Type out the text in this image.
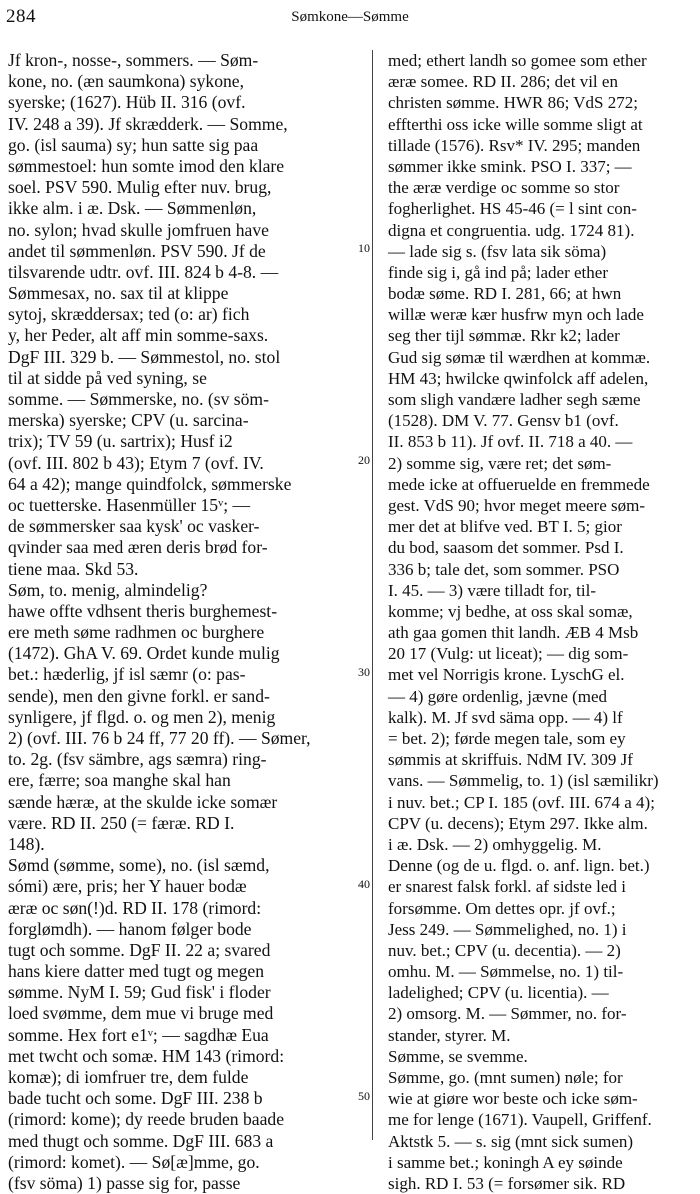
284	Sømkone—Sømme
Jf kron-, nosse-, sommers. — Søm-
kone, no. (æn saumkona) sykone,
syerske; (1627). Hüb II. 316 (ovf.
IV. 248 a 39). Jf skrædderk. — Somme,
go. (isl sauma) sy; hun satte sig paa
sømmestoel: hun somte imod den klare
soel. PSV 590. Mulig efter nuv. brug,
ikke alm. i æ. Dsk. — Sømmenløn,
no. sylon; hvad skulle jomfruen have
andet til sømmenløn. PSV 590. Jf de
tilsvarende udtr. ovf. III. 824 b 4-8. —
Sømmesax, no. sax til at klippe
sytoj, skræddersax; ted (o: ar) fich
y, her Peder, alt aff min somme-saxs.
DgF III. 329 b. — Sømmestol, no. stol
til at sidde på ved syning, se
somme. — Sømmerske, no. (sv söm-
merska) syerske; CPV (u. sarcina-
trix); TV 59 (u. sartrix); Husf i2
(ovf. III. 802 b 43); Etym 7 (ovf. IV.
64 a 42); mange quindfolck, sømmerske
oc tuetterske. Hasenmüller 15ᵛ; —
de sømmersker saa kysk' oc vasker-
qvinder saa med æren deris brød for-
tiene maa. Skd 53.
Søm, to. menig, almindelig?
hawe offte vdhsent theris burghemest-
ere meth søme radhmen oc burghere
(1472). GhA V. 69. Ordet kunde mulig
bet.: hæderlig, jf isl sæmr (o: pas-
sende), men den givne forkl. er sand-
synligere, jf flgd. o. og men 2), menig
2) (ovf. III. 76 b 24 ff, 77 20 ff). — Sømer,
to. 2g. (fsv sämbre, ags sæmra) ring-
ere, færre; soa manghe skal han
sænde hæræ, at the skulde icke somær
være. RD II. 250 (= færæ. RD I.
148).
Sømd (sømme, some), no. (isl sæmd,
sómi) ære, pris; her Y hauer bodæ
æræ oc søn(!)d. RD II. 178 (rimord:
forglømdh). — hanom følger bode
tugt och somme. DgF II. 22 a; svared
hans kiere datter med tugt og megen
sømme. NyM I. 59; Gud fisk' i floder
loed svømme, dem mue vi bruge med
somme. Hex fort e1ᵛ; — sagdhæ Eua
met twcht och somæ. HM 143 (rimord:
komæ); di iomfruer tre, dem fulde
bade tucht och some. DgF III. 238 b
(rimord: kome); dy reede bruden baade
med thugt och somme. DgF III. 683 a
(rimord: komet). — Sø[æ]mme, go.
(fsv söma) 1) passe sig for, passe
med; ethert landh so gomee som ether
æræ somee. RD II. 286; det vil en
christen sømme. HWR 86; VdS 272;
effterthi oss icke wille somme sligt at
tillade (1576). Rsv* IV. 295; manden
sømmer ikke smink. PSO I. 337; —
the æræ verdige oc somme so stor
fogherlighet. HS 45-46 (= l sint con-
digna et congruentia. udg. 1724 81).
— lade sig s. (fsv lata sik söma)
finde sig i, gå ind på; lader ether
bodæ søme. RD I. 281, 66; at hwn
willæ weræ kær husfrw myn och lade
seg ther tijl sømmæ. Rkr k2; lader
Gud sig sømæ til wærdhen at kommæ.
HM 43; hwilcke qwinfolck aff adelen,
som sligh vandære ladher segh sæme
(1528). DM V. 77. Gensv b1 (ovf.
II. 853 b 11). Jf ovf. II. 718 a 40. —
2) somme sig, være ret; det søm-
mede icke at offueruelde en fremmede
gest. VdS 90; hvor meget meere søm-
mer det at blifve ved. BT I. 5; gior
du bod, saasom det sommer. Psd I.
336 b; tale det, som sommer. PSO
I. 45. — 3) være tilladt for, til-
komme; vj bedhe, at oss skal somæ,
ath gaa gomen thit landh. ÆB 4 Msb
20 17 (Vulg: ut liceat); — dig som-
met vel Norrigis krone. LyschG el.
— 4) gøre ordenlig, jævne (med
kalk). M. Jf svd säma opp. — 4) lf
= bet. 2); førde megen tale, som ey
sømmis at skriffuis. NdM IV. 309 Jf
vans. — Sømmelig, to. 1) (isl sæmilikr)
i nuv. bet.; CP I. 185 (ovf. III. 674 a 4);
CPV (u. decens); Etym 297. Ikke alm.
i æ. Dsk. — 2) omhyggelig. M.
Denne (og de u. flgd. o. anf. lign. bet.)
er snarest falsk forkl. af sidste led i
forsømme. Om dettes opr. jf ovf.;
Jess 249. — Sømmelighed, no. 1) i
nuv. bet.; CPV (u. decentia). — 2)
omhu. M. — Sømmelse, no. 1) til-
ladelighed; CPV (u. licentia). —
2) omsorg. M. — Sømmer, no. for-
stander, styrer. M.
Sømme, se svemme.
Sømme, go. (mnt sumen) nøle; for
wie at giøre wor beste och icke søm-
me for lenge (1671). Vaupell, Griffenf.
Aktstk 5. — s. sig (mnt sick sumen)
i samme bet.; koningh A ey søinde
sigh. RD I. 53 (= forsømer sik. RD
10
20
30
40
50
